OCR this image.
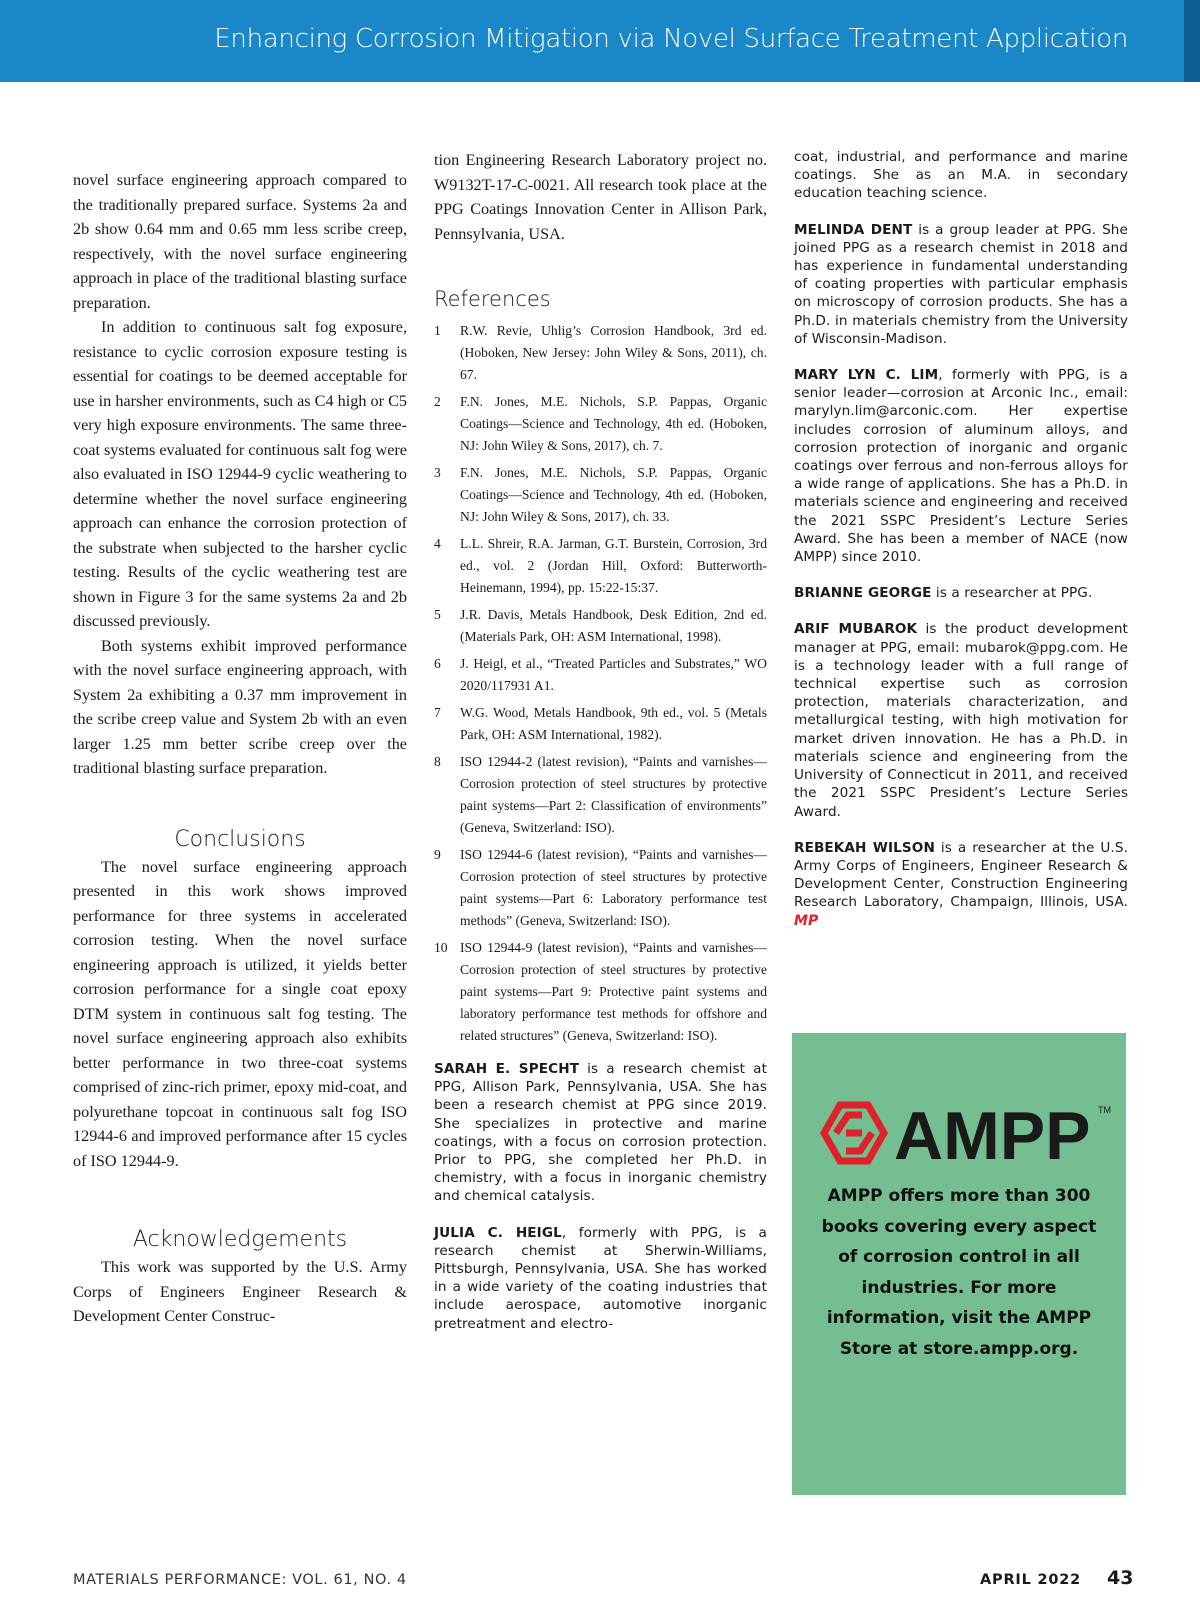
Enhancing Corrosion Mitigation via Novel Surface Treatment Application

novel surface engineering approach compared to the traditionally prepared surface. Systems 2a and 2b show 0.64 mm and 0.65 mm less scribe creep, respectively, with the novel surface engineering approach in place of the traditional blasting surface preparation.

In addition to continuous salt fog exposure, resistance to cyclic corrosion exposure testing is essential for coatings to be deemed acceptable for use in harsher environments, such as C4 high or C5 very high exposure environments. The same three-coat systems evaluated for continuous salt fog were also evaluated in ISO 12944-9 cyclic weathering to determine whether the novel surface engineering approach can enhance the corrosion protection of the substrate when subjected to the harsher cyclic testing. Results of the cyclic weathering test are shown in Figure 3 for the same systems 2a and 2b discussed previously.

Both systems exhibit improved performance with the novel surface engineering approach, with System 2a exhibiting a 0.37 mm improvement in the scribe creep value and System 2b with an even larger 1.25 mm better scribe creep over the traditional blasting surface preparation.

Conclusions

The novel surface engineering approach presented in this work shows improved performance for three systems in accelerated corrosion testing. When the novel surface engineering approach is utilized, it yields better corrosion performance for a single coat epoxy DTM system in continuous salt fog testing. The novel surface engineering approach also exhibits better performance in two three-coat systems comprised of zinc-rich primer, epoxy mid-coat, and polyurethane topcoat in continuous salt fog ISO 12944-6 and improved performance after 15 cycles of ISO 12944-9.

Acknowledgements

This work was supported by the U.S. Army Corps of Engineers Engineer Research & Development Center Construc-

tion Engineering Research Laboratory project no. W9132T-17-C-0021. All research took place at the PPG Coatings Innovation Center in Allison Park, Pennsylvania, USA.

References
1	R.W. Revie, Uhlig’s Corrosion Handbook, 3rd ed. (Hoboken, New Jersey: John Wiley & Sons, 2011), ch. 67.
2	F.N. Jones, M.E. Nichols, S.P. Pappas, Organic Coatings—Science and Technology, 4th ed. (Hoboken, NJ: John Wiley & Sons, 2017), ch. 7.
3	F.N. Jones, M.E. Nichols, S.P. Pappas, Organic Coatings—Science and Technology, 4th ed. (Hoboken, NJ: John Wiley & Sons, 2017), ch. 33.
4	L.L. Shreir, R.A. Jarman, G.T. Burstein, Corrosion, 3rd ed., vol. 2 (Jordan Hill, Oxford: Butterworth- Heinemann, 1994), pp. 15:22-15:37.
5	J.R. Davis, Metals Handbook, Desk Edition, 2nd ed. (Materials Park, OH: ASM International, 1998).
6	J. Heigl, et al., “Treated Particles and Substrates,” WO 2020/117931 A1.
7	W.G. Wood, Metals Handbook, 9th ed., vol. 5 (Metals Park, OH: ASM International, 1982).
8	ISO 12944-2 (latest revision), “Paints and varnishes—Corrosion protection of steel structures by protective paint systems—Part 2: Classification of environments” (Geneva, Switzerland: ISO).
9	ISO 12944-6 (latest revision), “Paints and varnishes—Corrosion protection of steel structures by protective paint systems—Part 6: Laboratory performance test methods” (Geneva, Switzerland: ISO).
10 ISO 12944-9 (latest revision), “Paints and varnishes—Corrosion protection of steel structures by protective paint systems—Part 9: Protective paint systems and laboratory performance test methods for offshore and related structures” (Geneva, Switzerland: ISO).

SARAH E. SPECHT is a research chemist at PPG, Allison Park, Pennsylvania, USA. She has been a research chemist at PPG since 2019. She specializes in protective and marine coatings, with a focus on corrosion protection. Prior to PPG, she completed her Ph.D. in chemistry, with a focus in inorganic chemistry and chemical catalysis.

JULIA C. HEIGL, formerly with PPG, is a research chemist at Sherwin-Williams, Pittsburgh, Pennsylvania, USA. She has worked in a wide variety of the coating industries that include aerospace, automotive inorganic pretreatment and electro-

coat, industrial, and performance and marine coatings. She as an M.A. in secondary education teaching science.

MELINDA DENT is a group leader at PPG. She joined PPG as a research chemist in 2018 and has experience in fundamental understanding of coating properties with particular emphasis on microscopy of corrosion products. She has a Ph.D. in materials chemistry from the University of Wisconsin-Madison.

MARY LYN C. LIM, formerly with PPG, is a senior leader—corrosion at Arconic Inc., email: marylyn.lim@arconic.com. Her expertise includes corrosion of aluminum alloys, and corrosion protection of inorganic and organic coatings over ferrous and non-ferrous alloys for a wide range of applications. She has a Ph.D. in materials science and engineering and received the 2021 SSPC President’s Lecture Series Award. She has been a member of NACE (now AMPP) since 2010.

BRIANNE GEORGE is a researcher at PPG.

ARIF MUBAROK is the product development manager at PPG, email: mubarok@ppg.com. He is a technology leader with a full range of technical expertise such as corrosion protection, materials characterization, and metallurgical testing, with high motivation for market driven innovation. He has a Ph.D. in materials science and engineering from the University of Connecticut in 2011, and received the 2021 SSPC President’s Lecture Series Award.

REBEKAH WILSON is a researcher at the U.S. Army Corps of Engineers, Engineer Research & Development Center, Construction Engineering Research Laboratory, Champaign, Illinois, USA. MP

AMPP TM
AMPP offers more than 300 books covering every aspect of corrosion control in all industries. For more information, visit the AMPP Store at store.ampp.org.
MATERIALS PERFORMANCE: VOL. 61, NO. 4	APRIL 2022 43
